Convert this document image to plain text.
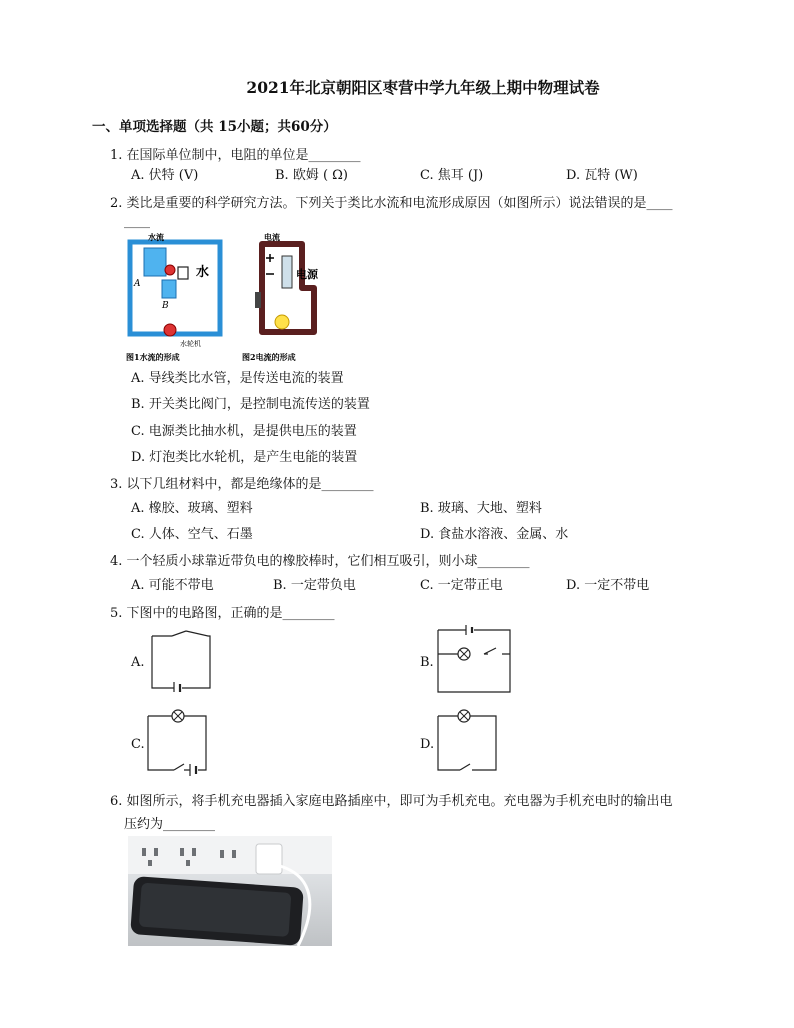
2021年北京朝阳区枣营中学九年级上期中物理试卷
一、单项选择题（共 15小题；共60分）
1. 在国际单位制中，电阻的单位是________
A. 伏特 (V)	B. 欧姆 ( Ω)	C. 焦耳 (J)	D. 瓦特 (W)
2. 类比是重要的科学研究方法。下列关于类比水流和电流形成原因（如图所示）说法错误的是____
____
水流
A
B
水
水轮机
图1水流的形成
电流
电源
图2电流的形成
A. 导线类比水管，是传送电流的装置
B. 开关类比阀门，是控制电流传送的装置
C. 电源类比抽水机，是提供电压的装置
D. 灯泡类比水轮机，是产生电能的装置
3. 以下几组材料中，都是绝缘体的是________
A. 橡胶、玻璃、塑料	B. 玻璃、大地、塑料
C. 人体、空气、石墨	D. 食盐水溶液、金属、水
4. 一个轻质小球靠近带负电的橡胶棒时，它们相互吸引，则小球________
A. 可能不带电	B. 一定带负电	C. 一定带正电	D. 一定不带电
5. 下图中的电路图，正确的是________
A.	B.
C.	D.
6. 如图所示，将手机充电器插入家庭电路插座中，即可为手机充电。充电器为手机充电时的输出电
压约为________
